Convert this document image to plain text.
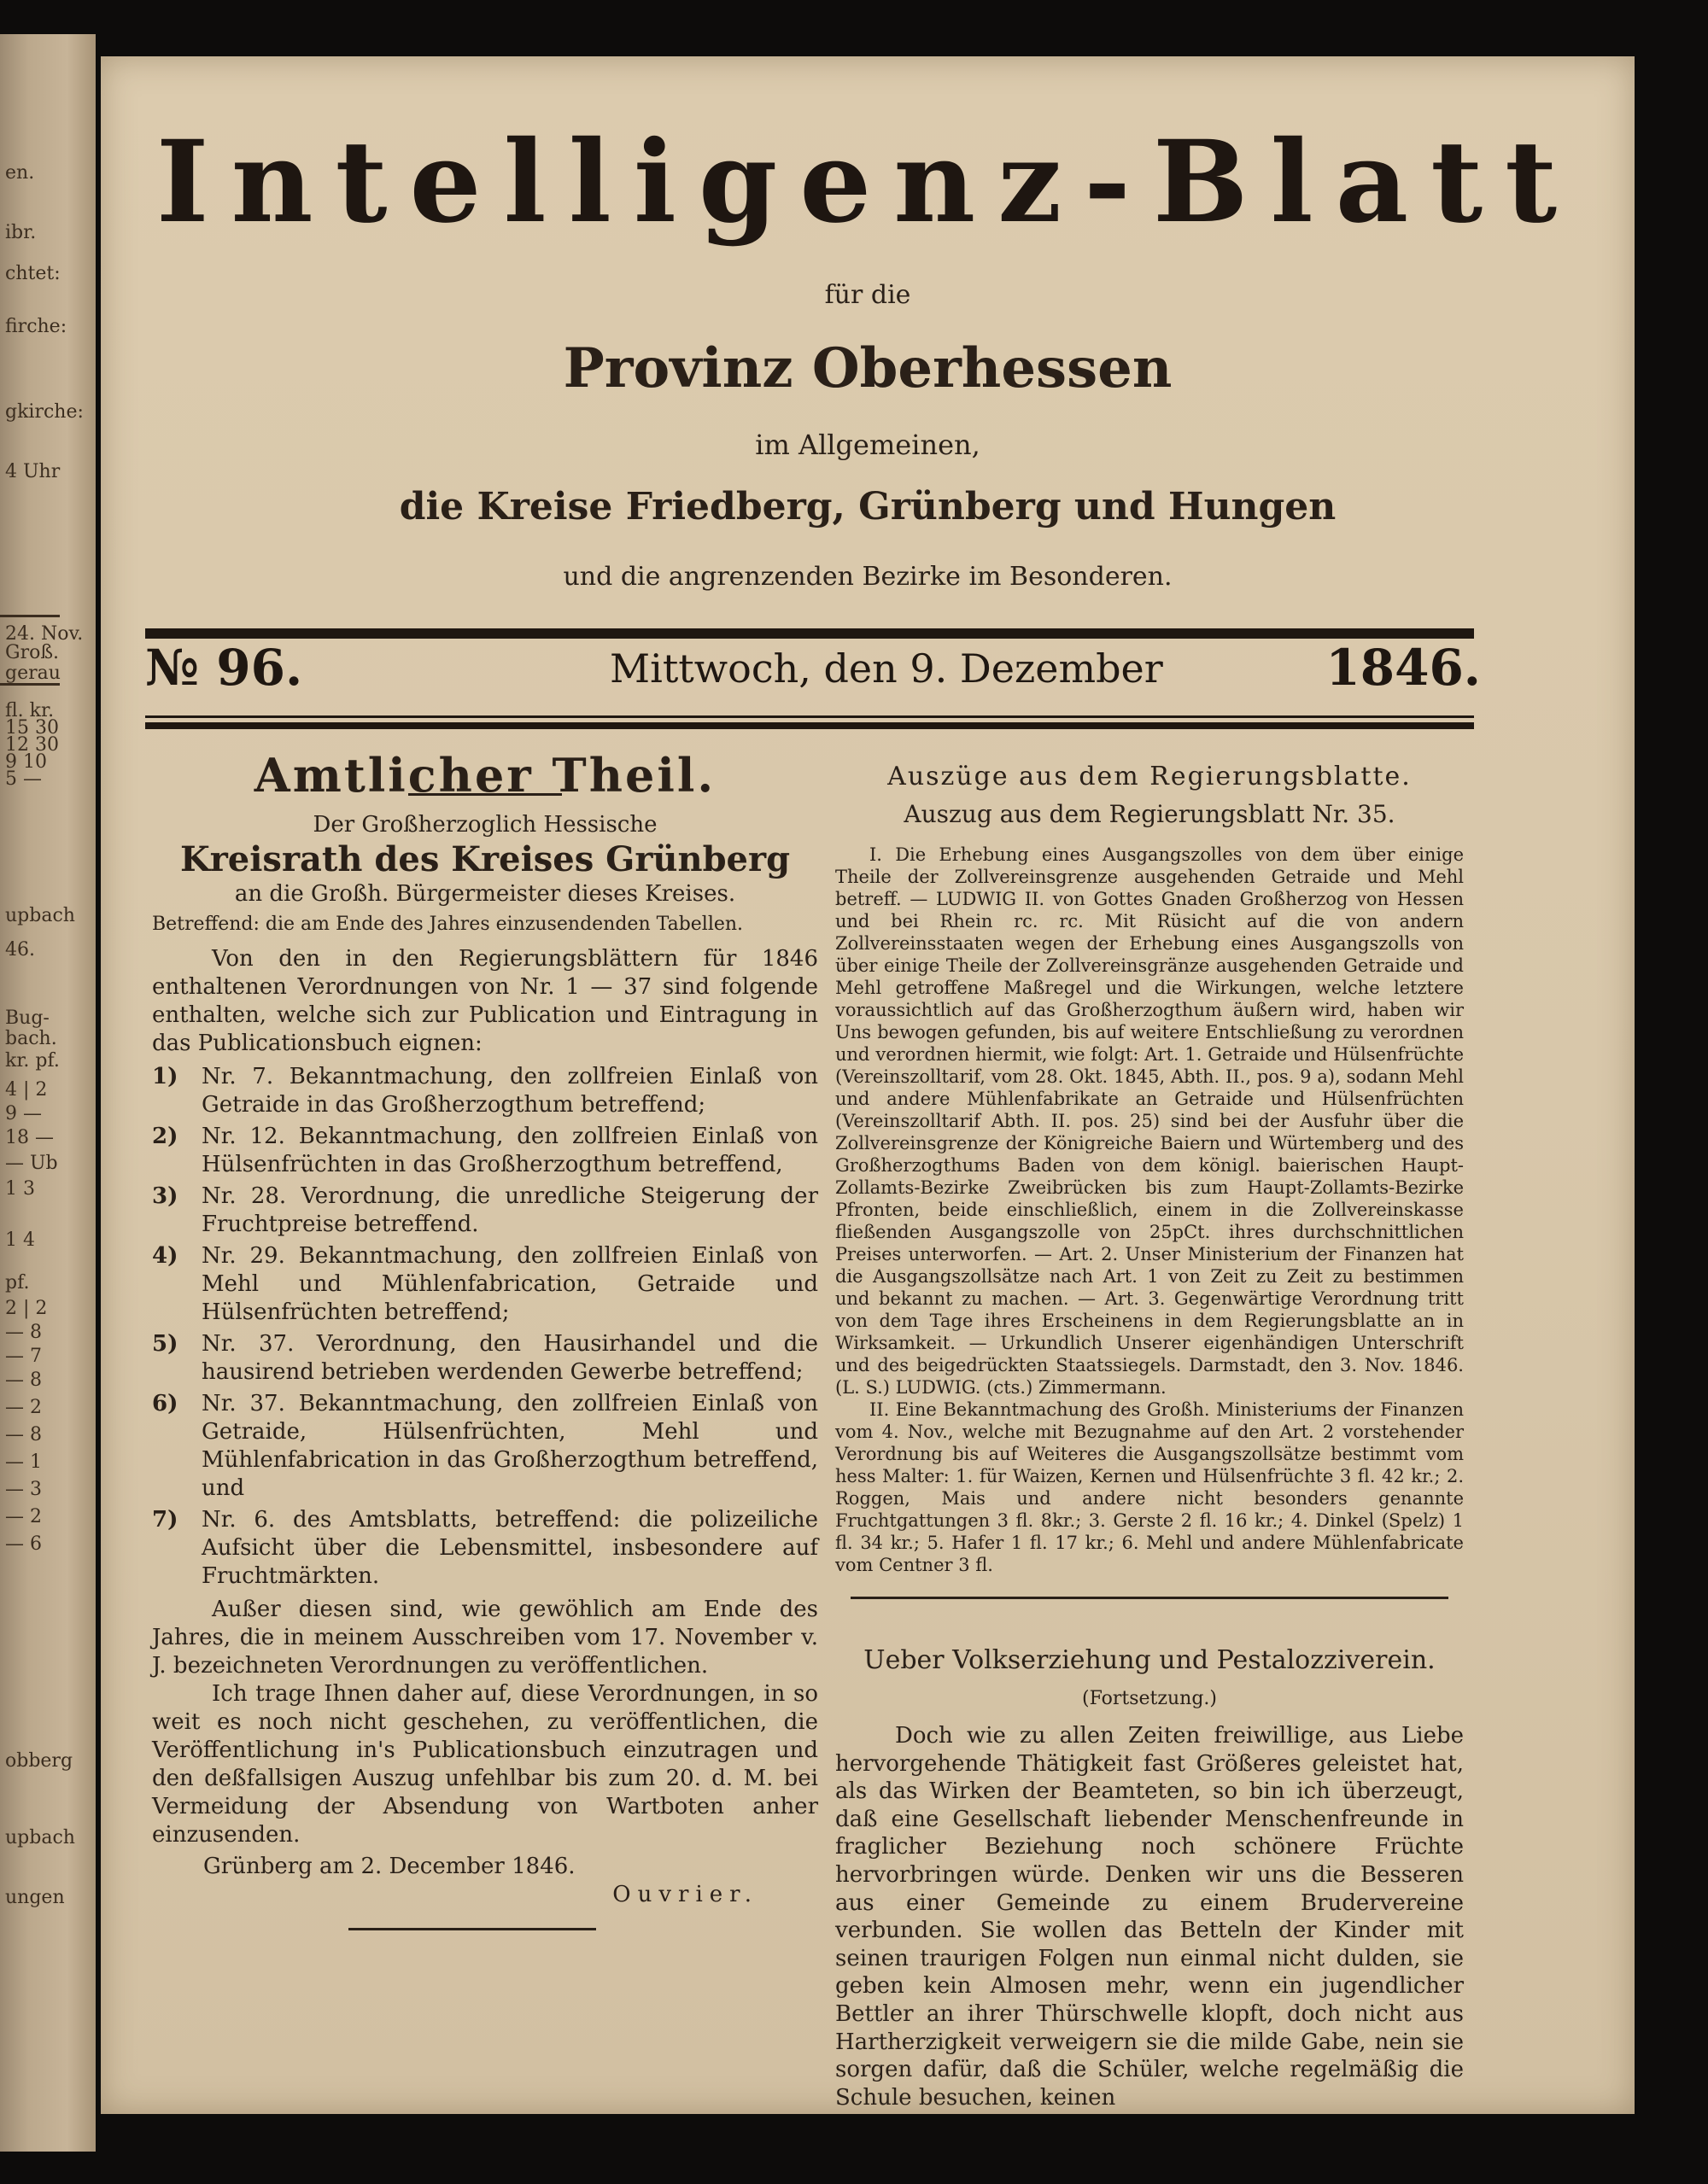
en.
ibr.
chtet:
firche:
gkirche:
4 Uhr
24. Nov.
Groß.
gerau
fl. kr.
15 30
12 30
9 10
5 —
upbach
46.
Bug-
bach.
kr. pf.
4 | 2
9 —
18 —
— Ub
1 3
1 4
pf.
2 | 2
— 8
— 7
— 8
— 2
— 8
— 1
— 3
— 2
— 6
obberg
upbach
ungen
Intelligenz-Blatt
für die
Provinz Oberhessen
im Allgemeinen,
die Kreise Friedberg, Grünberg und Hungen
und die angrenzenden Bezirke im Besonderen.
№ 96.	Mittwoch, den 9. Dezember	1846.
Amtlicher Theil.
Der Großherzoglich Hessische
Kreisrath des Kreises Grünberg
an die Großh. Bürgermeister dieses Kreises.
Betreffend: die am Ende des Jahres einzusendenden Tabellen.

Von den in den Regierungsblättern für 1846 enthaltenen Verordnungen von Nr. 1 — 37 sind folgende enthalten, welche sich zur Publication und Eintragung in das Publicationsbuch eignen:

1) Nr. 7. Bekanntmachung, den zollfreien Einlaß von Getraide in das Großherzogthum betreffend;
2) Nr. 12. Bekanntmachung, den zollfreien Einlaß von Hülsenfrüchten in das Großherzogthum betreffend,
3) Nr. 28. Verordnung, die unredliche Steigerung der Fruchtpreise betreffend.
4) Nr. 29. Bekanntmachung, den zollfreien Einlaß von Mehl und Mühlenfabrication, Getraide und Hülsenfrüchten betreffend;
5) Nr. 37. Verordnung, den Hausirhandel und die hausirend betrieben werdenden Gewerbe betreffend;
6) Nr. 37. Bekanntmachung, den zollfreien Einlaß von Getraide, Hülsenfrüchten, Mehl und Mühlenfabrication in das Großherzogthum betreffend, und
7) Nr. 6. des Amtsblatts, betreffend: die polizeiliche Aufsicht über die Lebensmittel, insbesondere auf Fruchtmärkten.

Außer diesen sind, wie gewöhlich am Ende des Jahres, die in meinem Ausschreiben vom 17. November v. J. bezeichneten Verordnungen zu veröffentlichen.

Ich trage Ihnen daher auf, diese Verordnungen, in so weit es noch nicht geschehen, zu veröffentlichen, die Veröffentlichung in's Publicationsbuch einzutragen und den deßfallsigen Auszug unfehlbar bis zum 20. d. M. bei Vermeidung der Absendung von Wartboten anher einzusenden.

Grünberg am 2. December 1846.
Ouvrier.
Auszüge aus dem Regierungsblatte.
Auszug aus dem Regierungsblatt Nr. 35.

I. Die Erhebung eines Ausgangszolles von dem über einige Theile der Zollvereinsgrenze ausgehenden Getraide und Mehl betreff. — LUDWIG II. von Gottes Gnaden Großherzog von Hessen und bei Rhein rc. rc. Mit Rüsicht auf die von andern Zollvereinsstaaten wegen der Erhebung eines Ausgangszolls von über einige Theile der Zollvereinsgränze ausgehenden Getraide und Mehl getroffene Maßregel und die Wirkungen, welche letztere voraussichtlich auf das Großherzogthum äußern wird, haben wir Uns bewogen gefunden, bis auf weitere Entschließung zu verordnen und verordnen hiermit, wie folgt: Art. 1. Getraide und Hülsenfrüchte (Vereinszolltarif, vom 28. Okt. 1845, Abth. II., pos. 9 a), sodann Mehl und andere Mühlenfabrikate an Getraide und Hülsenfrüchten (Vereinszolltarif Abth. II. pos. 25) sind bei der Ausfuhr über die Zollvereinsgrenze der Königreiche Baiern und Würtemberg und des Großherzogthums Baden von dem königl. baierischen Haupt-Zollamts-Bezirke Zweibrücken bis zum Haupt-Zollamts-Bezirke Pfronten, beide einschließlich, einem in die Zollvereinskasse fließenden Ausgangszolle von 25pCt. ihres durchschnittlichen Preises unterworfen. — Art. 2. Unser Ministerium der Finanzen hat die Ausgangszollsätze nach Art. 1 von Zeit zu Zeit zu bestimmen und bekannt zu machen. — Art. 3. Gegenwärtige Verordnung tritt von dem Tage ihres Erscheinens in dem Regierungsblatte an in Wirksamkeit. — Urkundlich Unserer eigenhändigen Unterschrift und des beigedrückten Staatssiegels. Darmstadt, den 3. Nov. 1846. (L. S.) LUDWIG. (cts.) Zimmermann.

II. Eine Bekanntmachung des Großh. Ministeriums der Finanzen vom 4. Nov., welche mit Bezugnahme auf den Art. 2 vorstehender Verordnung bis auf Weiteres die Ausgangszollsätze bestimmt vom hess Malter: 1. für Waizen, Kernen und Hülsenfrüchte 3 fl. 42 kr.; 2. Roggen, Mais und andere nicht besonders genannte Fruchtgattungen 3 fl. 8kr.; 3. Gerste 2 fl. 16 kr.; 4. Dinkel (Spelz) 1 fl. 34 kr.; 5. Hafer 1 fl. 17 kr.; 6. Mehl und andere Mühlenfabricate vom Centner 3 fl.

Ueber Volkserziehung und Pestalozziverein.
(Fortsetzung.)

Doch wie zu allen Zeiten freiwillige, aus Liebe hervorgehende Thätigkeit fast Größeres geleistet hat, als das Wirken der Beamteten, so bin ich überzeugt, daß eine Gesellschaft liebender Menschenfreunde in fraglicher Beziehung noch schönere Früchte hervorbringen würde. Denken wir uns die Besseren aus einer Gemeinde zu einem Brudervereine verbunden. Sie wollen das Betteln der Kinder mit seinen traurigen Folgen nun einmal nicht dulden, sie geben kein Almosen mehr, wenn ein jugendlicher Bettler an ihrer Thürschwelle klopft, doch nicht aus Hartherzigkeit verweigern sie die milde Gabe, nein sie sorgen dafür, daß die Schüler, welche regelmäßig die Schule besuchen, keinen
